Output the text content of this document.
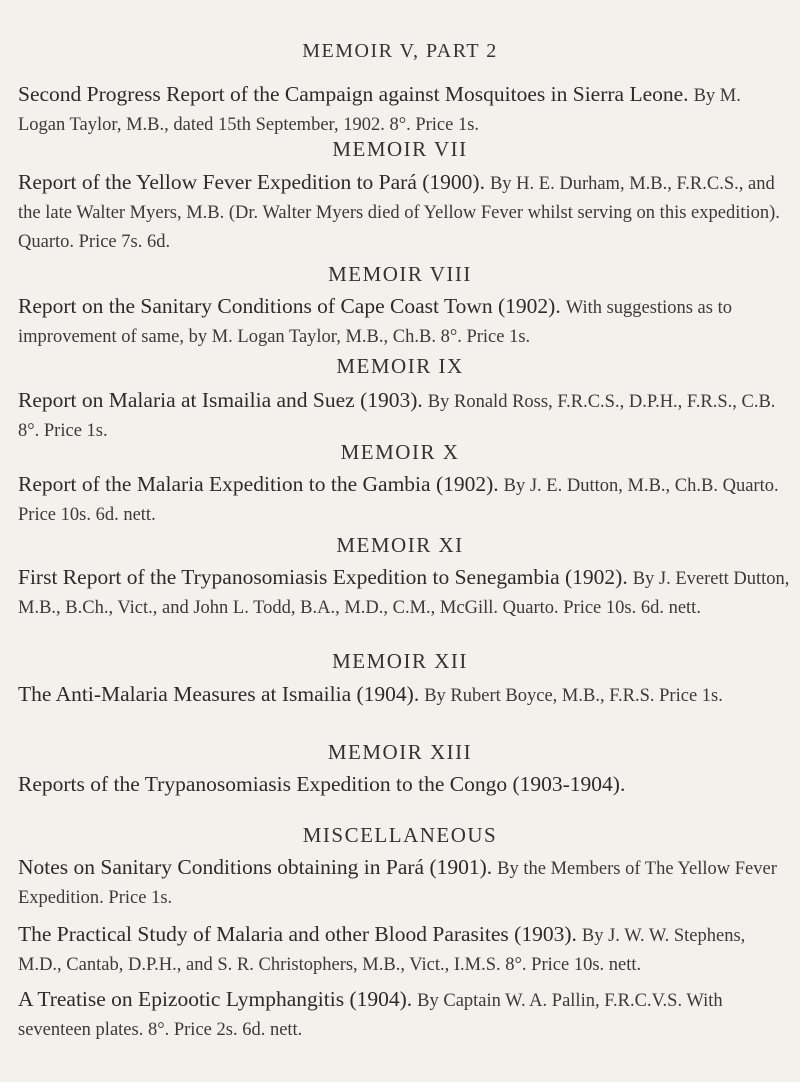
MEMOIR V, PART 2
Second Progress Report of the Campaign against Mosquitoes in Sierra Leone. By M. Logan Taylor, M.B., dated 15th September, 1902. 8°. Price 1s.
MEMOIR VII
Report of the Yellow Fever Expedition to Pará (1900). By H. E. Durham, M.B., F.R.C.S., and the late Walter Myers, M.B. (Dr. Walter Myers died of Yellow Fever whilst serving on this expedition). Quarto. Price 7s. 6d.
MEMOIR VIII
Report on the Sanitary Conditions of Cape Coast Town (1902). With suggestions as to improvement of same, by M. Logan Taylor, M.B., Ch.B. 8°. Price 1s.
MEMOIR IX
Report on Malaria at Ismailia and Suez (1903). By Ronald Ross, F.R.C.S., D.P.H., F.R.S., C.B. 8°. Price 1s.
MEMOIR X
Report of the Malaria Expedition to the Gambia (1902). By J. E. Dutton, M.B., Ch.B. Quarto. Price 10s. 6d. nett.
MEMOIR XI
First Report of the Trypanosomiasis Expedition to Senegambia (1902). By J. Everett Dutton, M.B., B.Ch., Vict., and John L. Todd, B.A., M.D., C.M., McGill. Quarto. Price 10s. 6d. nett.
MEMOIR XII
The Anti-Malaria Measures at Ismailia (1904). By Rubert Boyce, M.B., F.R.S. Price 1s.
MEMOIR XIII
Reports of the Trypanosomiasis Expedition to the Congo (1903-1904).
MISCELLANEOUS
Notes on Sanitary Conditions obtaining in Pará (1901). By the Members of The Yellow Fever Expedition. Price 1s.
The Practical Study of Malaria and other Blood Parasites (1903). By J. W. W. Stephens, M.D., Cantab, D.P.H., and S. R. Christophers, M.B., Vict., I.M.S. 8°. Price 10s. nett.
A Treatise on Epizootic Lymphangitis (1904). By Captain W. A. Pallin, F.R.C.V.S. With seventeen plates. 8°. Price 2s. 6d. nett.
